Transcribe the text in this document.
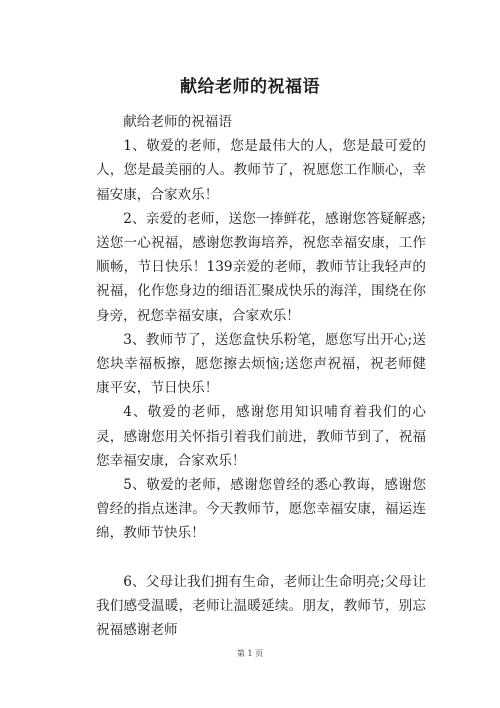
献给老师的祝福语

献给老师的祝福语

1、敬爱的老师，您是最伟大的人，您是最可爱的人，您是最美丽的人。教师节了，祝愿您工作顺心，幸福安康，合家欢乐！

2、亲爱的老师，送您一捧鲜花，感谢您答疑解惑;送您一心祝福，感谢您教诲培养，祝您幸福安康，工作顺畅，节日快乐！139亲爱的老师，教师节让我轻声的祝福，化作您身边的细语汇聚成快乐的海洋，围绕在你身旁，祝您幸福安康，合家欢乐！

3、教师节了，送您盒快乐粉笔，愿您写出开心;送您块幸福板擦，愿您擦去烦恼;送您声祝福，祝老师健康平安，节日快乐！

4、敬爱的老师，感谢您用知识哺育着我们的心灵，感谢您用关怀指引着我们前进，教师节到了，祝福您幸福安康，合家欢乐！

5、敬爱的老师，感谢您曾经的悉心教诲，感谢您曾经的指点迷津。今天教师节，愿您幸福安康，福运连绵，教师节快乐！

6、父母让我们拥有生命，老师让生命明亮;父母让我们感受温暖，老师让温暖延续。朋友，教师节，别忘祝福感谢老师

第 1 页
